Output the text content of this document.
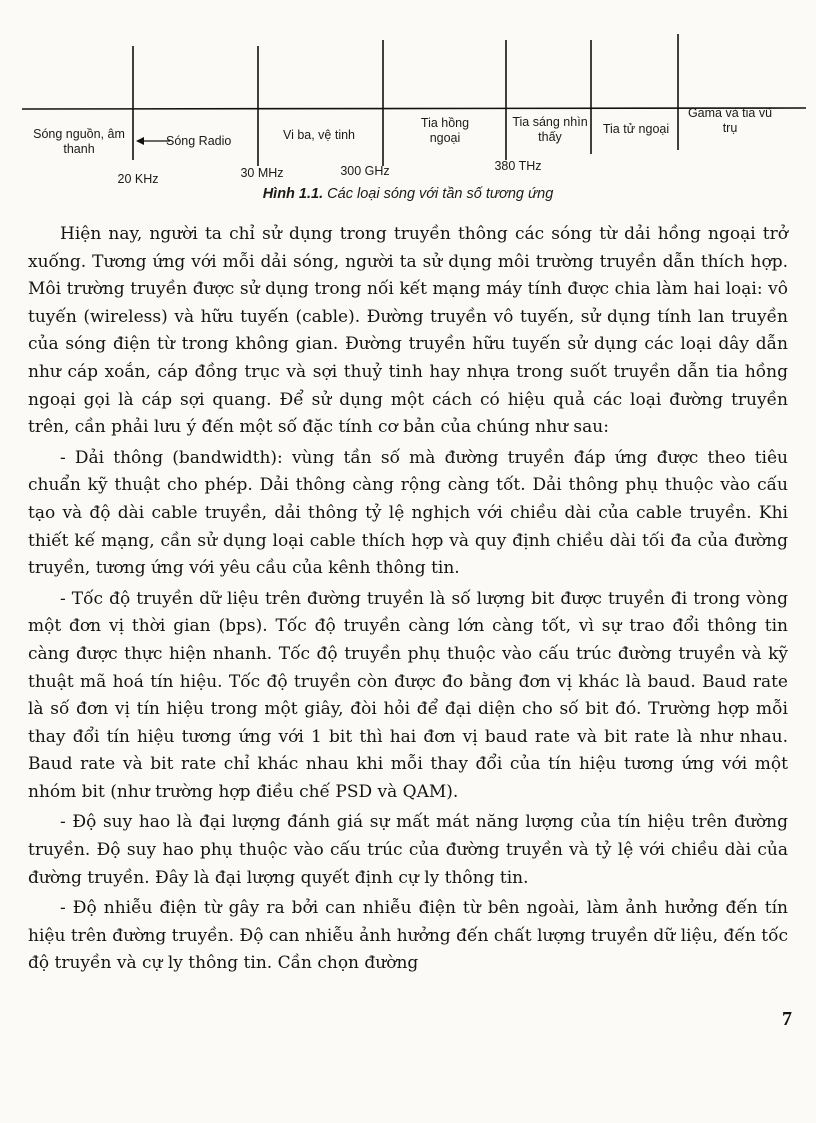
Sóng nguồn, âm thanh
Sóng Radio	Vi ba, vệ tinh
Tia hồng ngoại
Tia sáng nhìn thấy
Tia tử ngoại
Gama và tia vũ trụ
20 KHz	30 MHz	300 GHz	380 THz
Hình 1.1. Các loại sóng với tần số tương ứng

Hiện nay, người ta chỉ sử dụng trong truyền thông các sóng từ dải hồng ngoại trở xuống. Tương ứng với mỗi dải sóng, người ta sử dụng môi trường truyền dẫn thích hợp. Môi trường truyền được sử dụng trong nối kết mạng máy tính được chia làm hai loại: vô tuyến (wireless) và hữu tuyến (cable). Đường truyền vô tuyến, sử dụng tính lan truyền của sóng điện từ trong không gian. Đường truyền hữu tuyến sử dụng các loại dây dẫn như cáp xoắn, cáp đồng trục và sợi thuỷ tinh hay nhựa trong suốt truyền dẫn tia hồng ngoại gọi là cáp sợi quang. Để sử dụng một cách có hiệu quả các loại đường truyền trên, cần phải lưu ý đến một số đặc tính cơ bản của chúng như sau:

- Dải thông (bandwidth): vùng tần số mà đường truyền đáp ứng được theo tiêu chuẩn kỹ thuật cho phép. Dải thông càng rộng càng tốt. Dải thông phụ thuộc vào cấu tạo và độ dài cable truyền, dải thông tỷ lệ nghịch với chiều dài của cable truyền. Khi thiết kế mạng, cần sử dụng loại cable thích hợp và quy định chiều dài tối đa của đường truyền, tương ứng với yêu cầu của kênh thông tin.

- Tốc độ truyền dữ liệu trên đường truyền là số lượng bit được truyền đi trong vòng một đơn vị thời gian (bps). Tốc độ truyền càng lớn càng tốt, vì sự trao đổi thông tin càng được thực hiện nhanh. Tốc độ truyền phụ thuộc vào cấu trúc đường truyền và kỹ thuật mã hoá tín hiệu. Tốc độ truyền còn được đo bằng đơn vị khác là baud. Baud rate là số đơn vị tín hiệu trong một giây, đòi hỏi để đại diện cho số bit đó. Trường hợp mỗi thay đổi tín hiệu tương ứng với 1 bit thì hai đơn vị baud rate và bit rate là như nhau. Baud rate và bit rate chỉ khác nhau khi mỗi thay đổi của tín hiệu tương ứng với một nhóm bit (như trường hợp điều chế PSD và QAM).

- Độ suy hao là đại lượng đánh giá sự mất mát năng lượng của tín hiệu trên đường truyền. Độ suy hao phụ thuộc vào cấu trúc của đường truyền và tỷ lệ với chiều dài của đường truyền. Đây là đại lượng quyết định cự ly thông tin.

- Độ nhiễu điện từ gây ra bởi can nhiễu điện từ bên ngoài, làm ảnh hưởng đến tín hiệu trên đường truyền. Độ can nhiễu ảnh hưởng đến chất lượng truyền dữ liệu, đến tốc độ truyền và cự ly thông tin. Cần chọn đường

7
